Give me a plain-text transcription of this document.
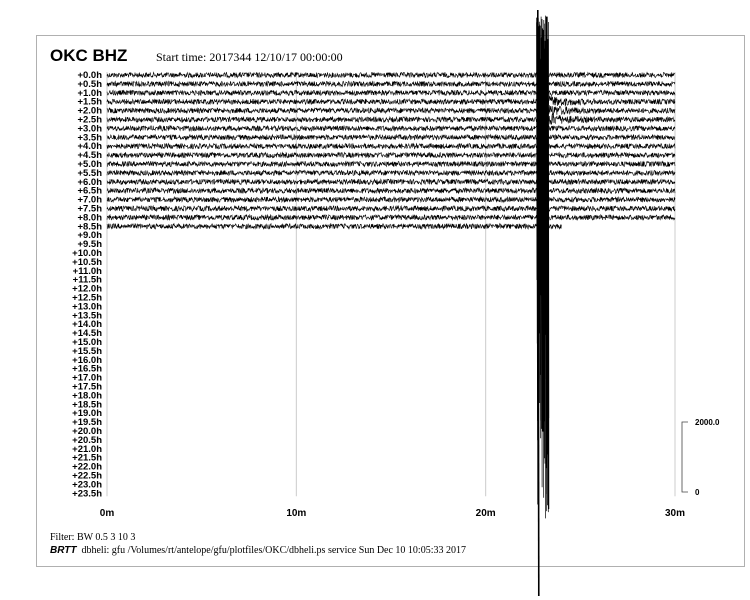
OKC BHZ Start time: 2017344 12/10/17 00:00:00
+0.0h
+0.5h
+1.0h
+1.5h
+2.0h
+2.5h
+3.0h
+3.5h
+4.0h
+4.5h
+5.0h
+5.5h
+6.0h
+6.5h
+7.0h
+7.5h
+8.0h
+8.5h
+9.0h
+9.5h
+10.0h
+10.5h
+11.0h
+11.5h
+12.0h
+12.5h
+13.0h
+13.5h
+14.0h
+14.5h
+15.0h
+15.5h
+16.0h
+16.5h
+17.0h
+17.5h
+18.0h
+18.5h
+19.0h
+19.5h
+20.0h
+20.5h
+21.0h
+21.5h
+22.0h
+22.5h
+23.0h
+23.5h
0m	10m	20m	30m
2000.0
0
Filter: BW 0.5 3 10 3
BRTT dbheli: gfu /Volumes/rt/antelope/gfu/plotfiles/OKC/dbheli.ps service Sun Dec 10 10:05:33 2017
